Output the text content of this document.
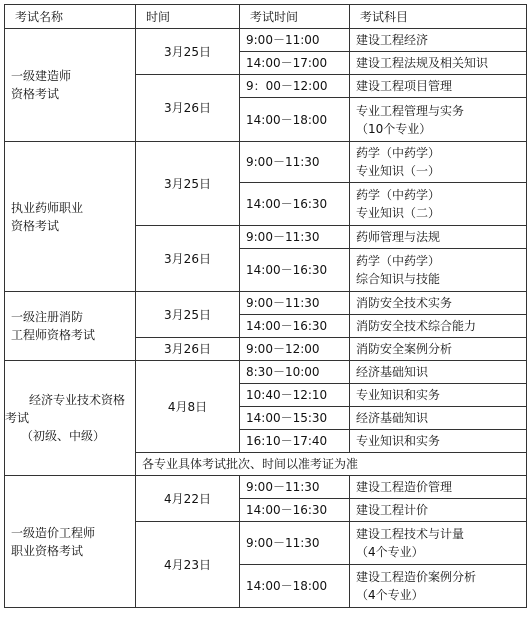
考试名称	时间	考试时间	考试科目

一级建造师
资格考试	3月25日	9:00－11:00	建设工程经济

		14:00－17:00	建设工程法规及相关知识

	3月26日	9：00－12:00	建设工程项目管理

		14:00－18:00	专业工程管理与实务
（10个专业）

执业药师职业
资格考试	3月25日	9:00－11:30	药学（中药学）
专业知识（一）

		14:00－16:30	药学（中药学）
专业知识（二）

	3月26日	9:00－11:30	药师管理与法规

		14:00－16:30	药学（中药学）
综合知识与技能

一级注册消防
工程师资格考试	3月25日	9:00－11:30	消防安全技术实务

		14:00－16:30	消防安全技术综合能力

	3月26日	9:00－12:00	消防安全案例分析

经济专业技术资格
考试
（初级、中级）	4月8日	8:30－10:00	经济基础知识

		10:40－12:10	专业知识和实务

		14:00－15:30	经济基础知识

		16:10－17:40	专业知识和实务

	各专业具体考试批次、时间以准考证为准		

一级造价工程师
职业资格考试	4月22日	9:00－11:30	建设工程造价管理

		14:00－16:30	建设工程计价

	4月23日	9:00－11:30	建设工程技术与计量
（4个专业）

		14:00－18:00	建设工程造价案例分析
（4个专业）
